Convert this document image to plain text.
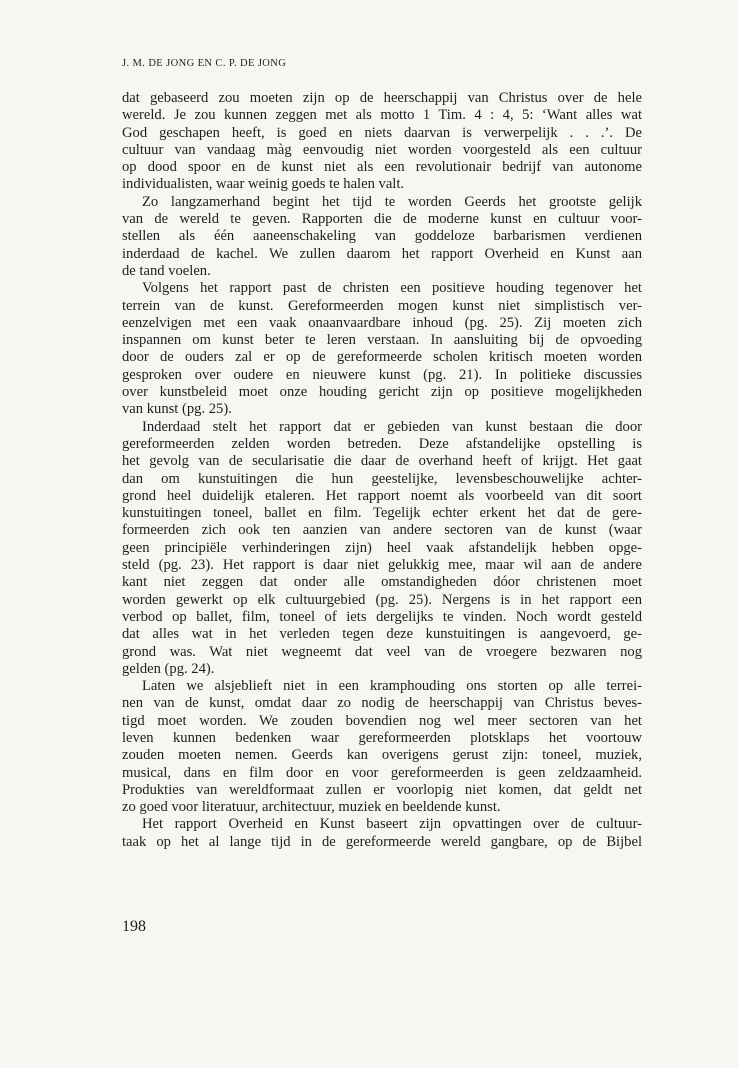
J. M. DE JONG EN C. P. DE JONG
dat gebaseerd zou moeten zijn op de heerschappij van Christus over de hele
wereld. Je zou kunnen zeggen met als motto 1 Tim. 4 : 4, 5: ‘Want alles wat
God geschapen heeft, is goed en niets daarvan is verwerpelijk . . .’. De
cultuur van vandaag màg eenvoudig niet worden voorgesteld als een cultuur
op dood spoor en de kunst niet als een revolutionair bedrijf van autonome
individualisten, waar weinig goeds te halen valt.
Zo langzamerhand begint het tijd te worden Geerds het grootste gelijk
van de wereld te geven. Rapporten die de moderne kunst en cultuur voor-
stellen als één aaneenschakeling van goddeloze barbarismen verdienen
inderdaad de kachel. We zullen daarom het rapport Overheid en Kunst aan
de tand voelen.
Volgens het rapport past de christen een positieve houding tegenover het
terrein van de kunst. Gereformeerden mogen kunst niet simplistisch ver-
eenzelvigen met een vaak onaanvaardbare inhoud (pg. 25). Zij moeten zich
inspannen om kunst beter te leren verstaan. In aansluiting bij de opvoeding
door de ouders zal er op de gereformeerde scholen kritisch moeten worden
gesproken over oudere en nieuwere kunst (pg. 21). In politieke discussies
over kunstbeleid moet onze houding gericht zijn op positieve mogelijkheden
van kunst (pg. 25).
Inderdaad stelt het rapport dat er gebieden van kunst bestaan die door
gereformeerden zelden worden betreden. Deze afstandelijke opstelling is
het gevolg van de secularisatie die daar de overhand heeft of krijgt. Het gaat
dan om kunstuitingen die hun geestelijke, levensbeschouwelijke achter-
grond heel duidelijk etaleren. Het rapport noemt als voorbeeld van dit soort
kunstuitingen toneel, ballet en film. Tegelijk echter erkent het dat de gere-
formeerden zich ook ten aanzien van andere sectoren van de kunst (waar
geen principiële verhinderingen zijn) heel vaak afstandelijk hebben opge-
steld (pg. 23). Het rapport is daar niet gelukkig mee, maar wil aan de andere
kant niet zeggen dat onder alle omstandigheden dóor christenen moet
worden gewerkt op elk cultuurgebied (pg. 25). Nergens is in het rapport een
verbod op ballet, film, toneel of iets dergelijks te vinden. Noch wordt gesteld
dat alles wat in het verleden tegen deze kunstuitingen is aangevoerd, ge-
grond was. Wat niet wegneemt dat veel van de vroegere bezwaren nog
gelden (pg. 24).
Laten we alsjeblieft niet in een kramphouding ons storten op alle terrei-
nen van de kunst, omdat daar zo nodig de heerschappij van Christus beves-
tigd moet worden. We zouden bovendien nog wel meer sectoren van het
leven kunnen bedenken waar gereformeerden plotsklaps het voortouw
zouden moeten nemen. Geerds kan overigens gerust zijn: toneel, muziek,
musical, dans en film door en voor gereformeerden is geen zeldzaamheid.
Produkties van wereldformaat zullen er voorlopig niet komen, dat geldt net
zo goed voor literatuur, architectuur, muziek en beeldende kunst.
Het rapport Overheid en Kunst baseert zijn opvattingen over de cultuur-
taak op het al lange tijd in de gereformeerde wereld gangbare, op de Bijbel
198
